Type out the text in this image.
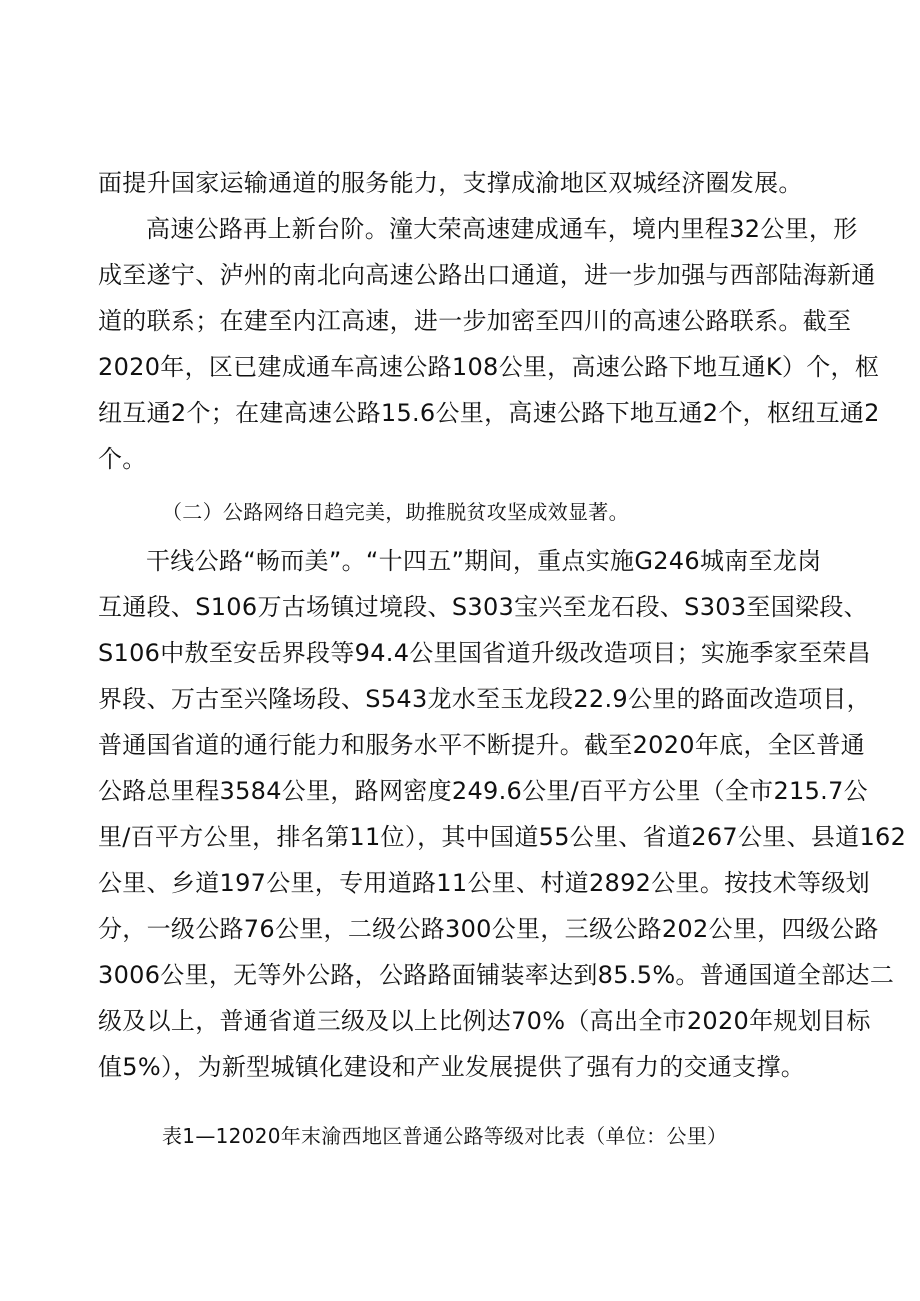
面提升国家运输通道的服务能力，支撑成渝地区双城经济圈发展。

高速公路再上新台阶。潼大荣高速建成通车，境内里程32公里，形
成至遂宁、泸州的南北向高速公路出口通道，进一步加强与西部陆海新通
道的联系；在建至内江高速，进一步加密至四川的高速公路联系。截至
2020年，区已建成通车高速公路108公里，高速公路下地互通K）个，枢
纽互通2个；在建高速公路15.6公里，高速公路下地互通2个，枢纽互通2
个。

（二）公路网络日趋完美，助推脱贫攻坚成效显著。

干线公路“畅而美”。“十四五”期间，重点实施G246城南至龙岗
互通段、S106万古场镇过境段、S303宝兴至龙石段、S303至国梁段、
S106中敖至安岳界段等94.4公里国省道升级改造项目；实施季家至荣昌
界段、万古至兴隆场段、S543龙水至玉龙段22.9公里的路面改造项目，
普通国省道的通行能力和服务水平不断提升。截至2020年底，全区普通
公路总里程3584公里，路网密度249.6公里/百平方公里（全市215.7公
里/百平方公里，排名第11位），其中国道55公里、省道267公里、县道162
公里、乡道197公里，专用道路11公里、村道2892公里。按技术等级划
分，一级公路76公里，二级公路300公里，三级公路202公里，四级公路
3006公里，无等外公路，公路路面铺装率达到85.5%。普通国道全部达二
级及以上，普通省道三级及以上比例达70%（高出全市2020年规划目标
值5%），为新型城镇化建设和产业发展提供了强有力的交通支撑。

表1—12020年末渝西地区普通公路等级对比表（单位：公里）
